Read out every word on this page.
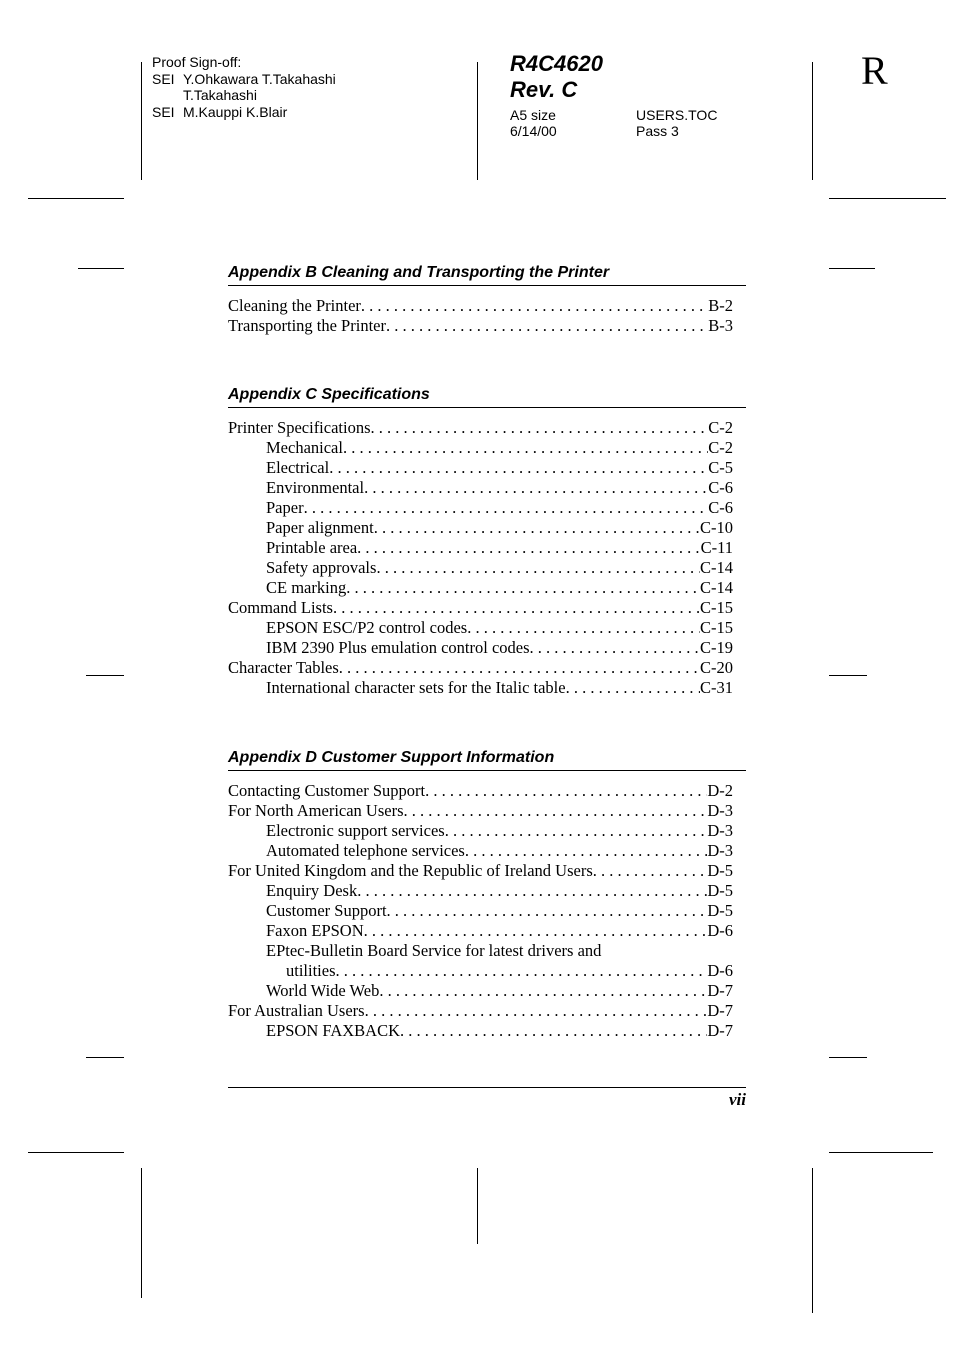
Proof Sign-off:
SEI Y.Ohkawara T.Takahashi
T.Takahashi
SEI M.Kauppi K.Blair
R4C4620
Rev. C
A5 size	USERS.TOC
6/14/00	Pass 3
R
Appendix B Cleaning and Transporting the Printer
Cleaning the Printer . . .	B-2
Transporting the Printer . . .	B-3
Appendix C Specifications
Printer Specifications . . .	C-2
Mechanical . . .	C-2
Electrical . . .	C-5
Environmental . . .	C-6
Paper . . .	C-6
Paper alignment . . .	C-10
Printable area . . .	C-11
Safety approvals . . .	C-14
CE marking . . .	C-14
Command Lists . . .	C-15
EPSON ESC/P2 control codes . . .	C-15
IBM 2390 Plus emulation control codes . . .	C-19
Character Tables . . .	C-20
International character sets for the Italic table . . .	C-31
Appendix D Customer Support Information
Contacting Customer Support . . .	D-2
For North American Users . . .	D-3
Electronic support services . . .	D-3
Automated telephone services . . .	D-3
For United Kingdom and the Republic of Ireland Users . . .	D-5
Enquiry Desk . . .	D-5
Customer Support . . .	D-5
Faxon EPSON . . .	D-6
EPtec-Bulletin Board Service for latest drivers and
utilities . . .	D-6
World Wide Web . . .	D-7
For Australian Users . . .	D-7
EPSON FAXBACK . . .	D-7
vii
